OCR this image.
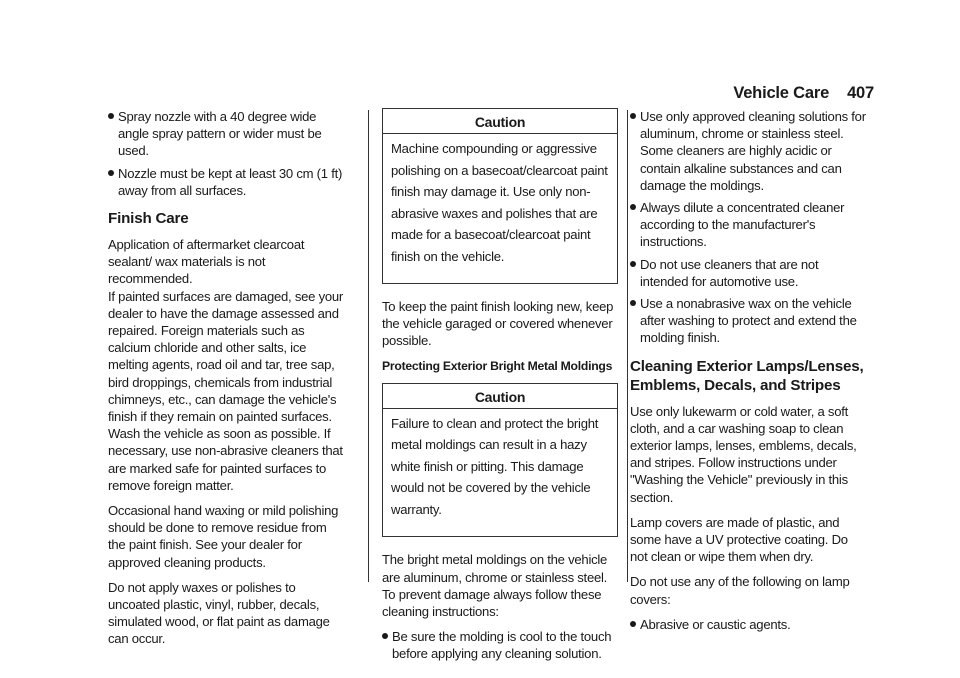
Vehicle Care 407
Spray nozzle with a 40 degree wide angle spray pattern or wider must be used.
Nozzle must be kept at least 30 cm (1 ft) away from all surfaces.
Finish Care

Application of aftermarket clearcoat sealant/ wax materials is not recommended.
If painted surfaces are damaged, see your dealer to have the damage assessed and repaired. Foreign materials such as calcium chloride and other salts, ice melting agents, road oil and tar, tree sap, bird droppings, chemicals from industrial chimneys, etc., can damage the vehicle's finish if they remain on painted surfaces. Wash the vehicle as soon as possible. If necessary, use non-abrasive cleaners that are marked safe for painted surfaces to remove foreign matter.

Occasional hand waxing or mild polishing should be done to remove residue from the paint finish. See your dealer for approved cleaning products.

Do not apply waxes or polishes to uncoated plastic, vinyl, rubber, decals, simulated wood, or flat paint as damage can occur.

Caution

Machine compounding or aggressive polishing on a basecoat/clearcoat paint finish may damage it. Use only non-abrasive waxes and polishes that are made for a basecoat/clearcoat paint finish on the vehicle.

To keep the paint finish looking new, keep the vehicle garaged or covered whenever possible.

Protecting Exterior Bright Metal Moldings
Caution

Failure to clean and protect the bright metal moldings can result in a hazy white finish or pitting. This damage would not be covered by the vehicle warranty.

The bright metal moldings on the vehicle are aluminum, chrome or stainless steel. To prevent damage always follow these cleaning instructions:

Be sure the molding is cool to the touch before applying any cleaning solution.
Use only approved cleaning solutions for aluminum, chrome or stainless steel. Some cleaners are highly acidic or contain alkaline substances and can damage the moldings.
Always dilute a concentrated cleaner according to the manufacturer's instructions.
Do not use cleaners that are not intended for automotive use.
Use a nonabrasive wax on the vehicle after washing to protect and extend the molding finish.
Cleaning Exterior Lamps/Lenses, Emblems, Decals, and Stripes

Use only lukewarm or cold water, a soft cloth, and a car washing soap to clean exterior lamps, lenses, emblems, decals, and stripes. Follow instructions under "Washing the Vehicle" previously in this section.

Lamp covers are made of plastic, and some have a UV protective coating. Do not clean or wipe them when dry.

Do not use any of the following on lamp covers:

Abrasive or caustic agents.
